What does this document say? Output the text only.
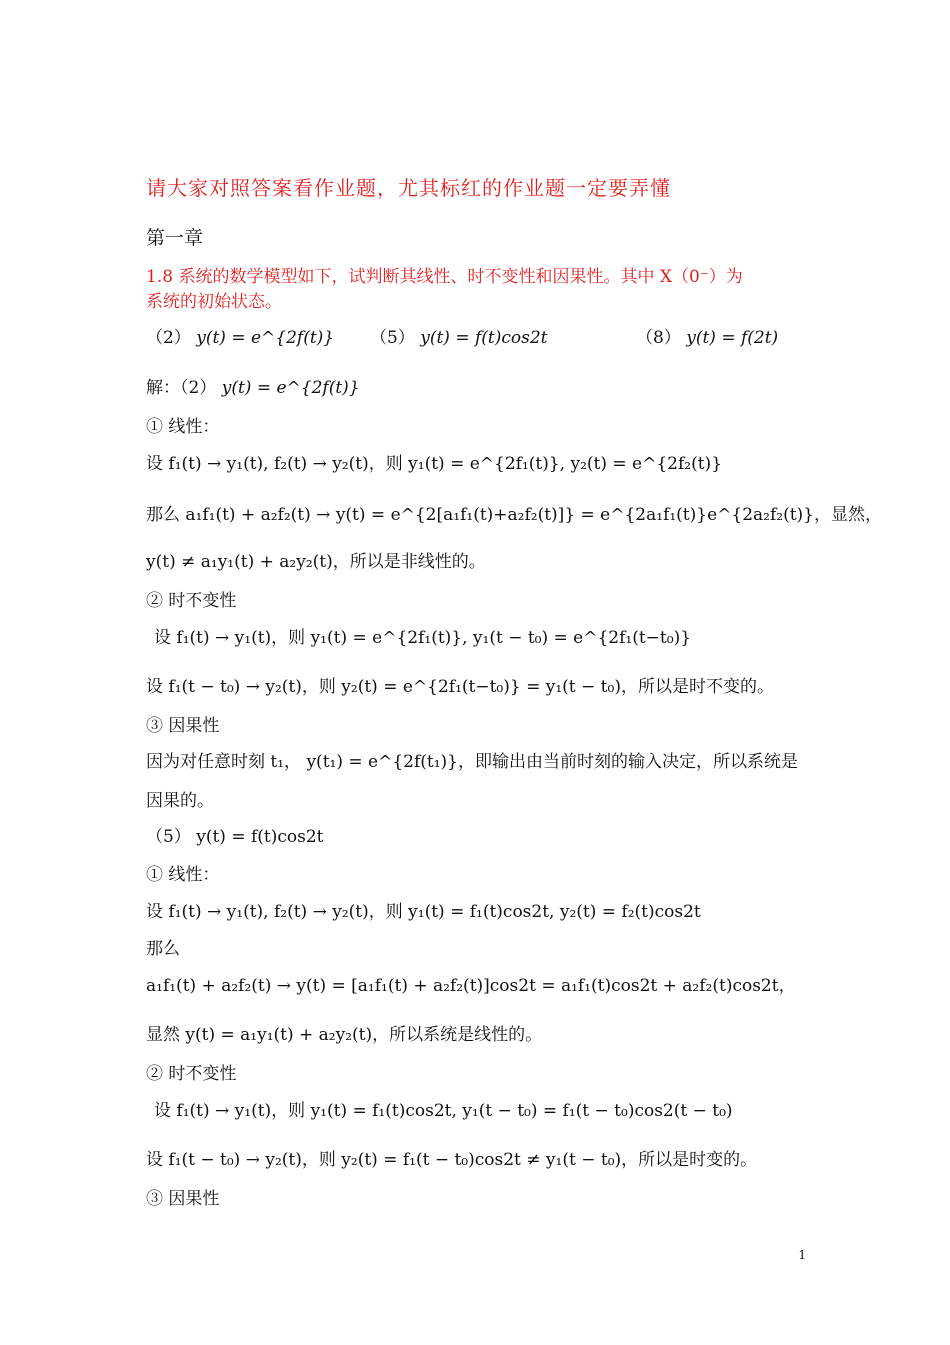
请大家对照答案看作业题，尤其标红的作业题一定要弄懂
第一章
1.8 系统的数学模型如下，试判断其线性、时不变性和因果性。其中 X（0⁻）为
系统的初始状态。
（2） y(t) = e^{2f(t)} （5） y(t) = f(t)cos2t	（8） y(t) = f(2t)
解：（2） y(t) = e^{2f(t)}
① 线性：
设 f₁(t) → y₁(t), f₂(t) → y₂(t)，则 y₁(t) = e^{2f₁(t)}, y₂(t) = e^{2f₂(t)}
那么 a₁f₁(t) + a₂f₂(t) → y(t) = e^{2[a₁f₁(t)+a₂f₂(t)]} = e^{2a₁f₁(t)}e^{2a₂f₂(t)}，显然，
y(t) ≠ a₁y₁(t) + a₂y₂(t)，所以是非线性的。
② 时不变性
设 f₁(t) → y₁(t)，则 y₁(t) = e^{2f₁(t)}, y₁(t − t₀) = e^{2f₁(t−t₀)}
设 f₁(t − t₀) → y₂(t)，则 y₂(t) = e^{2f₁(t−t₀)} = y₁(t − t₀)，所以是时不变的。
③ 因果性
因为对任意时刻 t₁， y(t₁) = e^{2f(t₁)}，即输出由当前时刻的输入决定，所以系统是
因果的。
（5） y(t) = f(t)cos2t
① 线性：
设 f₁(t) → y₁(t), f₂(t) → y₂(t)，则 y₁(t) = f₁(t)cos2t, y₂(t) = f₂(t)cos2t
那么
a₁f₁(t) + a₂f₂(t) → y(t) = [a₁f₁(t) + a₂f₂(t)]cos2t = a₁f₁(t)cos2t + a₂f₂(t)cos2t，
显然 y(t) = a₁y₁(t) + a₂y₂(t)，所以系统是线性的。
② 时不变性
设 f₁(t) → y₁(t)，则 y₁(t) = f₁(t)cos2t, y₁(t − t₀) = f₁(t − t₀)cos2(t − t₀)
设 f₁(t − t₀) → y₂(t)，则 y₂(t) = f₁(t − t₀)cos2t ≠ y₁(t − t₀)，所以是时变的。
③ 因果性
1
